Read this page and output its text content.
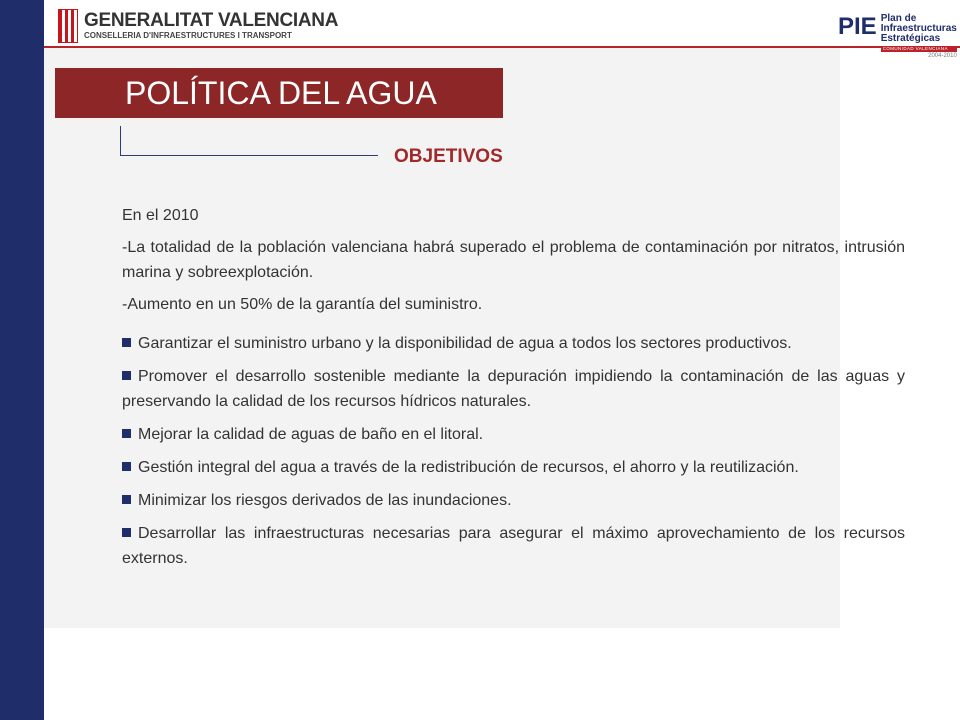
GENERALITAT VALENCIANA
CONSELLERIA D'INFRAESTRUCTURES I TRANSPORT	PIE Plan de
Infraestructuras
Estratégicas
COMUNIDAD VALENCIANA
2004-2010
POLÍTICA DEL AGUA
OBJETIVOS

En el 2010

-La totalidad de la población valenciana habrá superado el problema de contaminación por nitratos, intrusión marina y sobreexplotación.

-Aumento en un 50% de la garantía del suministro.

Garantizar el suministro urbano y la disponibilidad de agua a todos los sectores productivos.

Promover el desarrollo sostenible mediante la depuración impidiendo la contaminación de las aguas y preservando la calidad de los recursos hídricos naturales.

Mejorar la calidad de aguas de baño en el litoral.

Gestión integral del agua a través de la redistribución de recursos, el ahorro y la reutilización.

Minimizar los riesgos derivados de las inundaciones.

Desarrollar las infraestructuras necesarias para asegurar el máximo aprovechamiento de los recursos externos.
